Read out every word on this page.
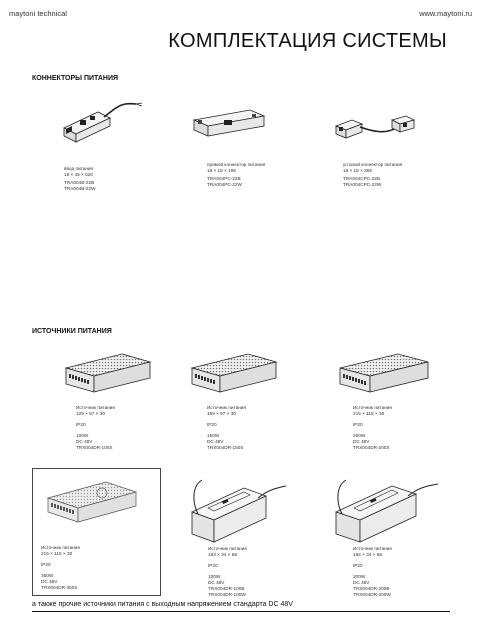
maytoni technical	www.maytoni.ru
КОМПЛЕКТАЦИЯ СИСТЕМЫ
КОННЕКТОРЫ ПИТАНИЯ
ввод питания
18 × 45 × 520
TRA004B-22B
TRA004B-22W
прямой коннектор питания
18 × 18 × 195
TRA004PC-22B
TRA004PC-22W
угловой коннектор питания
18 × 18 × 365
TRA004CPC-22B
TRA004CPC-22W
ИСТОЧНИКИ ПИТАНИЯ
Источник питания
129 × 97 × 30
IP20
100W
DC 48V
TRX004DR-100S
Источник питания
159 × 97 × 30
IP20
150W
DC 48V
TRX004DR-150S
Источник питания
215 × 115 × 30
IP20
200W
DC 48V
TRX004DR-200S
Источник питания
215 × 115 × 30
IP20
350W
DC 48V
TRX004DR-350S
Источник питания
163 × 34 × 68
IP20
100W
DC 48V
TRX004DR-100B
TRX004DR-100W
Источник питания
182 × 34 × 68
IP20
200W
DC 48V
TRX004DR-200B
TRX004DR-200W
а также прочие источники питания с выходным напряжением стандарта DC 48V
